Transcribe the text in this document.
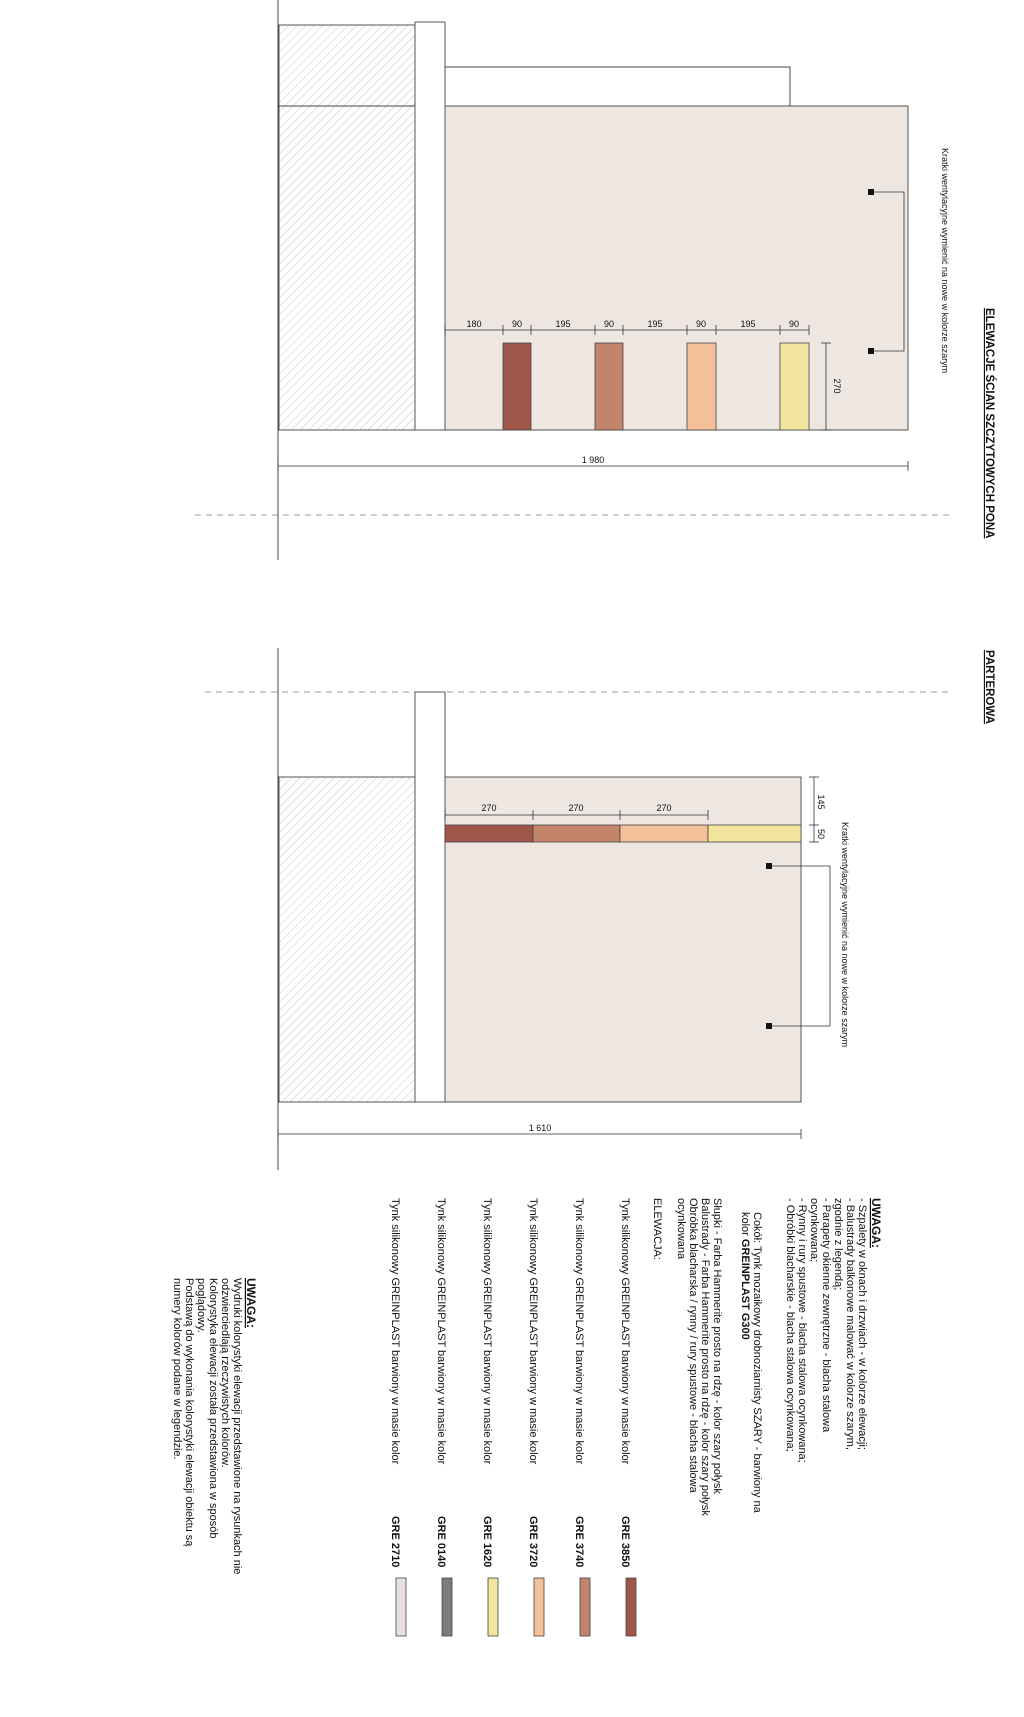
180	90	195	90	195	90	195	90
270
1 980
Kratki wentylacyjne wymienić na nowe w kolorze szarym
270	270	270	145
50 Kratki wentylacyjne wymienić na nowe w kolorze szarym
1 610
ELEWACJE ŚCIAN SZCZYTOWYCH PONA
PARTEROWA
UWAGA:
- Szpalety w oknach i drzwiach - w kolorze elewacji;
- Balustrady balkonowe malować w kolorze szarym,
zgodnie z legendą;
- Parapety okienne zewnętrzne - blacha stalowa
ocynkowana;
- Rynny i rury spustowe - blacha stalowa ocynkowana;
- Obróbki blacharskie - blacha stalowa ocynkowana;
Cokół: Tynk mozaikowy drobnoziarnisty SZARY - barwiony na
kolor GREINPLAST G300
Słupki - Farba Hammerite prosto na rdzę - kolor szary połysk
Balustrady - Farba Hammerite prosto na rdzę - kolor szary połysk
Obróbka blacharska / rynny / rury spustowe - blacha stalowa
ocynkowana
ELEWACJA:
Tynk silikonowy GREINPLAST barwiony w masie kolor
GRE 3850
Tynk silikonowy GREINPLAST barwiony w masie kolor
GRE 3740
Tynk silikonowy GREINPLAST barwiony w masie kolor
GRE 3720
Tynk silikonowy GREINPLAST barwiony w masie kolor
GRE 1620
Tynk silikonowy GREINPLAST barwiony w masie kolor
GRE 0140
Tynk silikonowy GREINPLAST barwiony w masie kolor
GRE 2710
UWAGA:
Wydruki kolorystyki elewacji przedstawione na rysunkach nie
odzwierciedlają rzeczywistych kolorów.
Kolorystyka elewacji została przedstawiona w sposób
poglądowy.
Podstawą do wykonania kolorystyki elewacji obiektu są
numery kolorów podane w legendzie.
